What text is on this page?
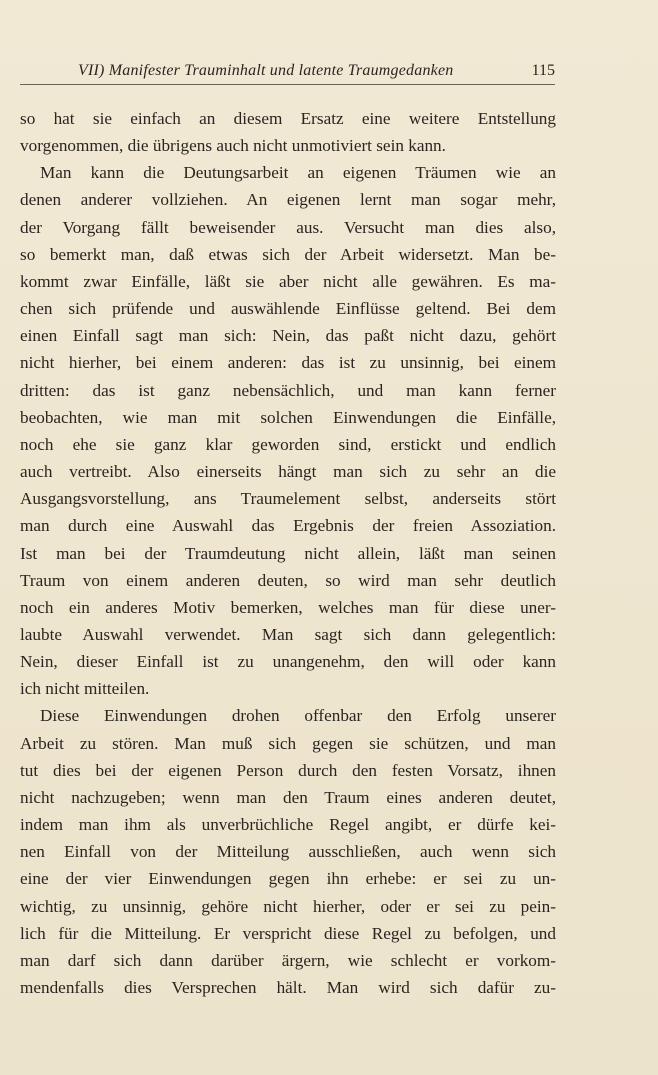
VII) Manifester Trauminhalt und latente Traumgedanken	115
so hat sie einfach an diesem Ersatz eine weitere Entstellung
vorgenommen, die übrigens auch nicht unmotiviert sein kann.
Man kann die Deutungsarbeit an eigenen Träumen wie an
denen anderer vollziehen. An eigenen lernt man sogar mehr,
der Vorgang fällt beweisender aus. Versucht man dies also,
so bemerkt man, daß etwas sich der Arbeit widersetzt. Man be-
kommt zwar Einfälle, läßt sie aber nicht alle gewähren. Es ma-
chen sich prüfende und auswählende Einflüsse geltend. Bei dem
einen Einfall sagt man sich: Nein, das paßt nicht dazu, gehört
nicht hierher, bei einem anderen: das ist zu unsinnig, bei einem
dritten: das ist ganz nebensächlich, und man kann ferner
beobachten, wie man mit solchen Einwendungen die Einfälle,
noch ehe sie ganz klar geworden sind, erstickt und endlich
auch vertreibt. Also einerseits hängt man sich zu sehr an die
Ausgangsvorstellung, ans Traumelement selbst, anderseits stört
man durch eine Auswahl das Ergebnis der freien Assoziation.
Ist man bei der Traumdeutung nicht allein, läßt man seinen
Traum von einem anderen deuten, so wird man sehr deutlich
noch ein anderes Motiv bemerken, welches man für diese uner-
laubte Auswahl verwendet. Man sagt sich dann gelegentlich:
Nein, dieser Einfall ist zu unangenehm, den will oder kann
ich nicht mitteilen.
Diese Einwendungen drohen offenbar den Erfolg unserer
Arbeit zu stören. Man muß sich gegen sie schützen, und man
tut dies bei der eigenen Person durch den festen Vorsatz, ihnen
nicht nachzugeben; wenn man den Traum eines anderen deutet,
indem man ihm als unverbrüchliche Regel angibt, er dürfe kei-
nen Einfall von der Mitteilung ausschließen, auch wenn sich
eine der vier Einwendungen gegen ihn erhebe: er sei zu un-
wichtig, zu unsinnig, gehöre nicht hierher, oder er sei zu pein-
lich für die Mitteilung. Er verspricht diese Regel zu befolgen, und
man darf sich dann darüber ärgern, wie schlecht er vorkom-
mendenfalls dies Versprechen hält. Man wird sich dafür zu-
